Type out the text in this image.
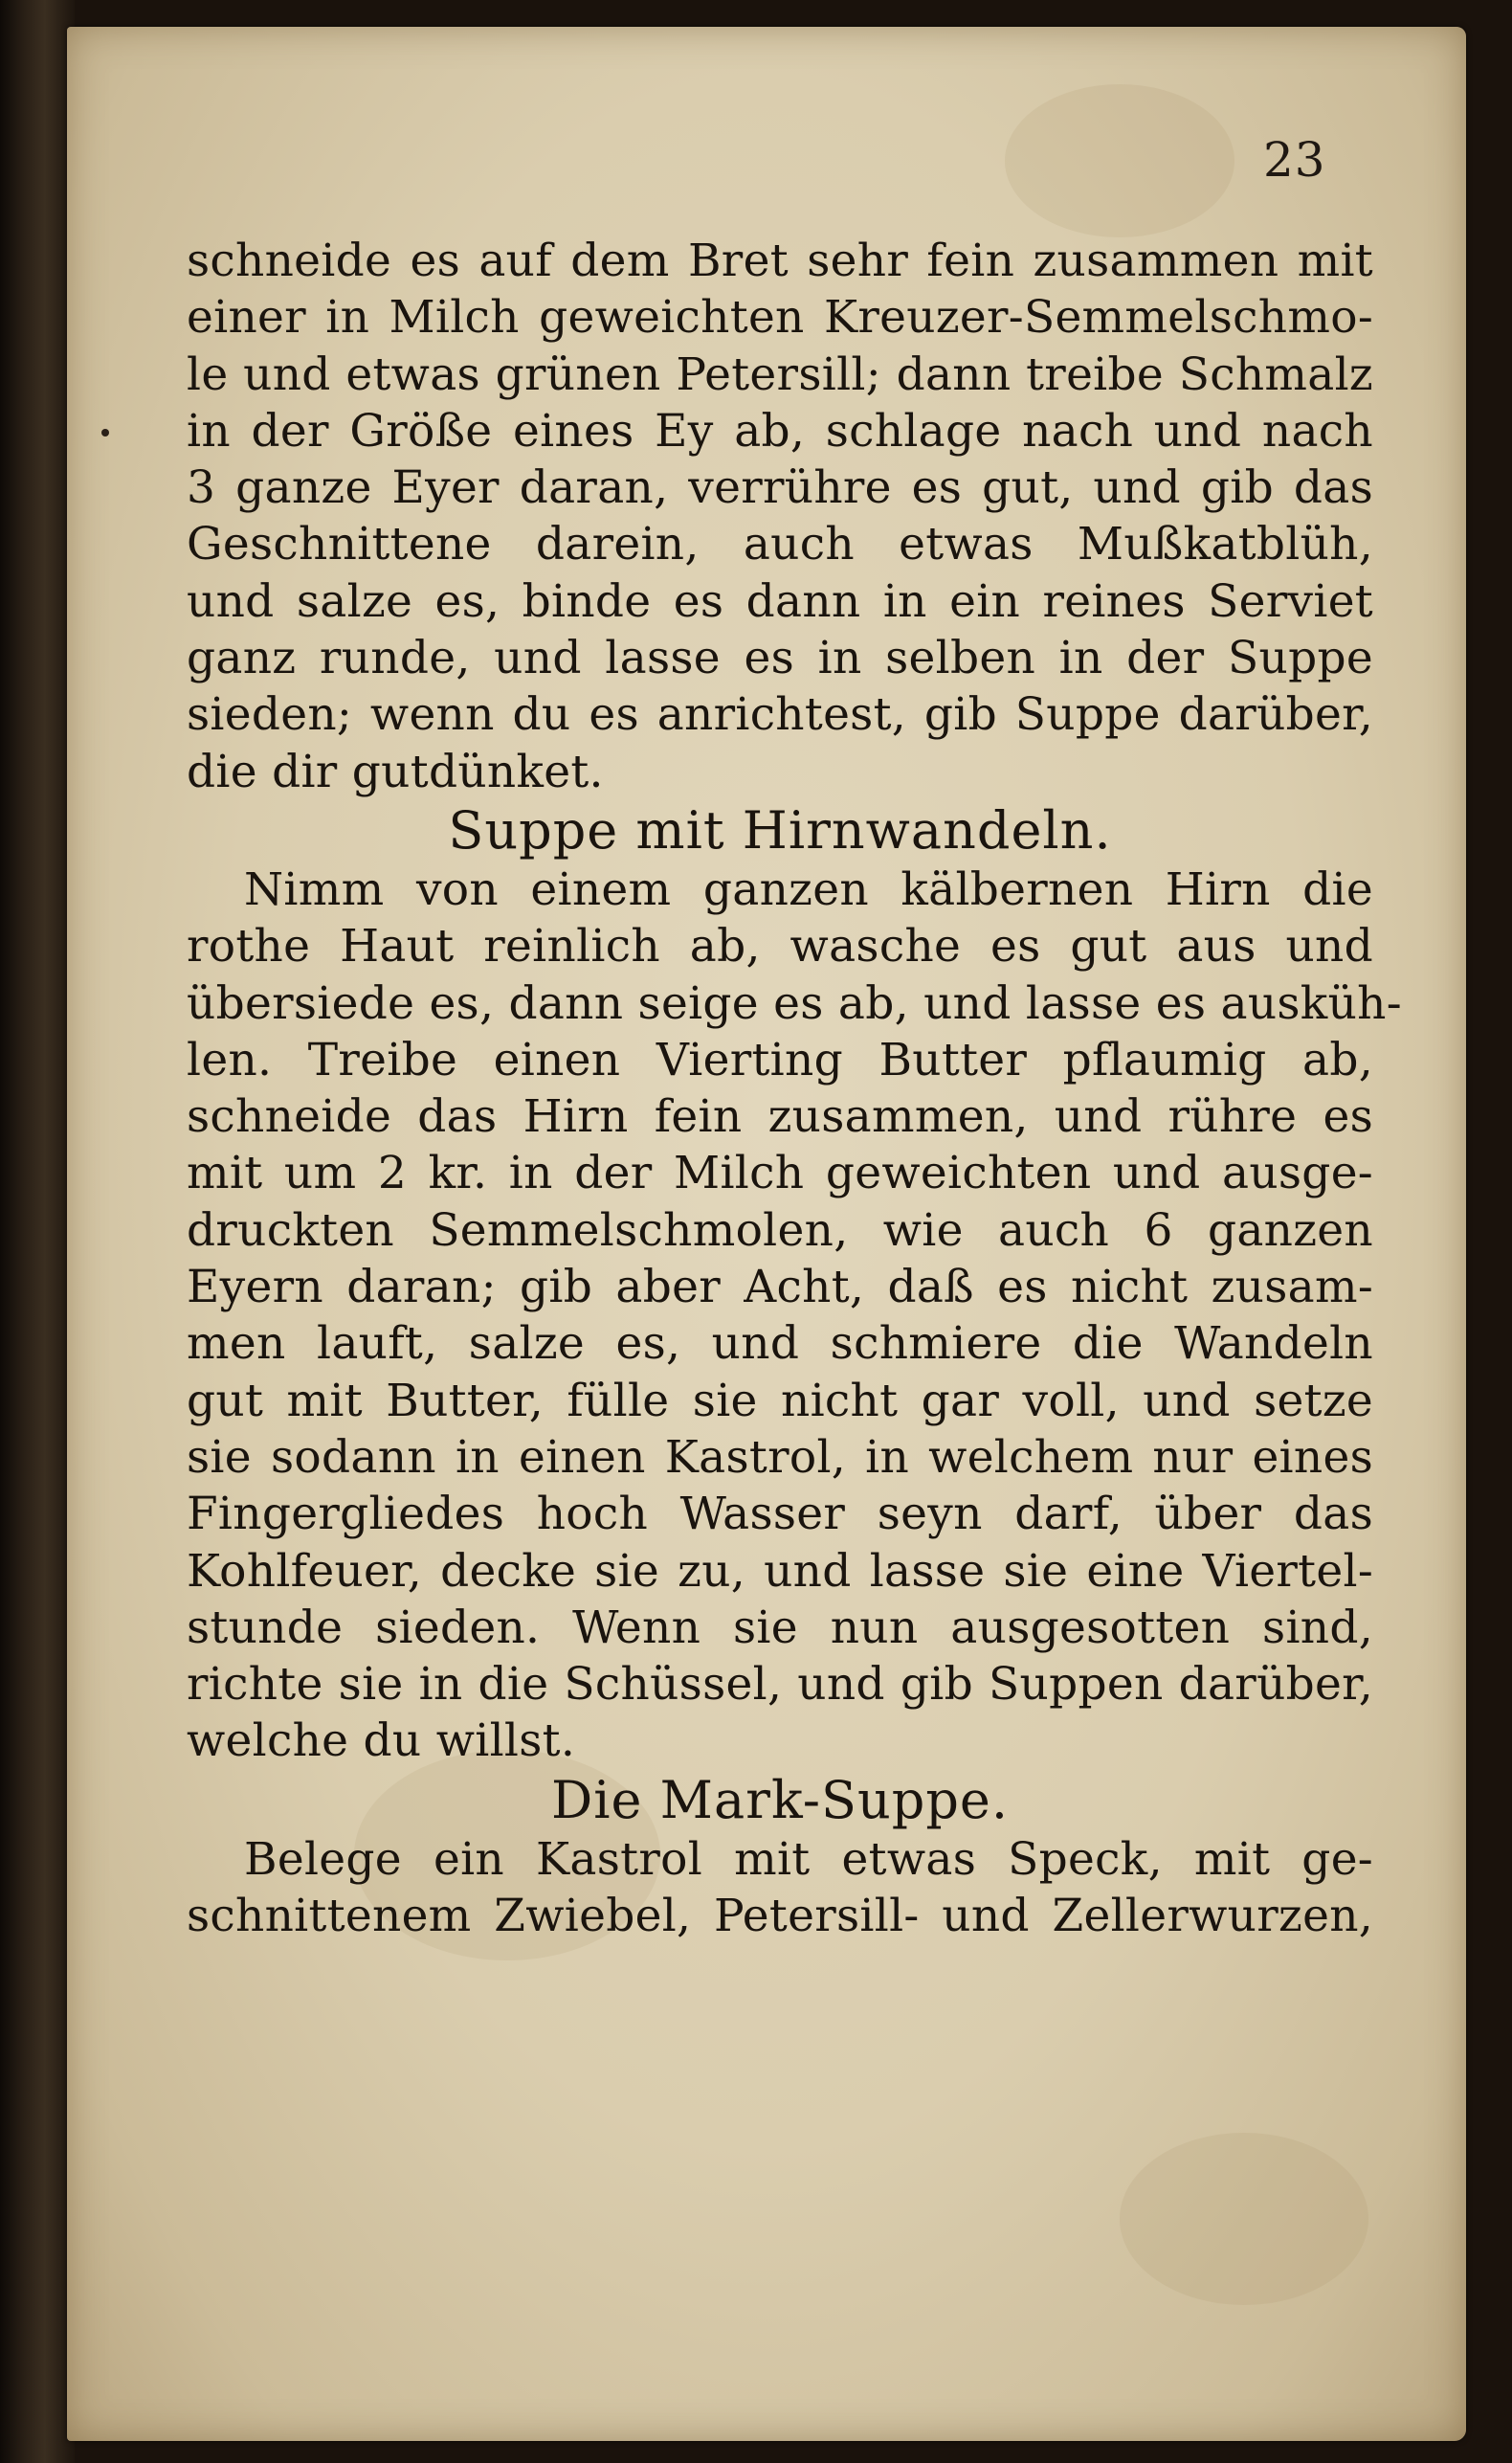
23
schneide es auf dem Bret sehr fein zusammen mit
einer in Milch geweichten Kreuzer-Semmelschmo-
le und etwas grünen Petersill; dann treibe Schmalz
in der Größe eines Ey ab, schlage nach und nach
3 ganze Eyer daran, verrühre es gut, und gib das
Geschnittene darein, auch etwas Mußkatblüh,
und salze es, binde es dann in ein reines Serviet
ganz runde, und lasse es in selben in der Suppe
sieden; wenn du es anrichtest, gib Suppe darüber,
die dir gutdünket.
Suppe mit Hirnwandeln.
Nimm von einem ganzen kälbernen Hirn die
rothe Haut reinlich ab, wasche es gut aus und
übersiede es, dann seige es ab, und lasse es ausküh-
len. Treibe einen Vierting Butter pflaumig ab,
schneide das Hirn fein zusammen, und rühre es
mit um 2 kr. in der Milch geweichten und ausge-
druckten Semmelschmolen, wie auch 6 ganzen
Eyern daran; gib aber Acht, daß es nicht zusam-
men lauft, salze es, und schmiere die Wandeln
gut mit Butter, fülle sie nicht gar voll, und setze
sie sodann in einen Kastrol, in welchem nur eines
Fingergliedes hoch Wasser seyn darf, über das
Kohlfeuer, decke sie zu, und lasse sie eine Viertel-
stunde sieden. Wenn sie nun ausgesotten sind,
richte sie in die Schüssel, und gib Suppen darüber,
welche du willst.
Die Mark-Suppe.
Belege ein Kastrol mit etwas Speck, mit ge-
schnittenem Zwiebel, Petersill- und Zellerwurzen,
